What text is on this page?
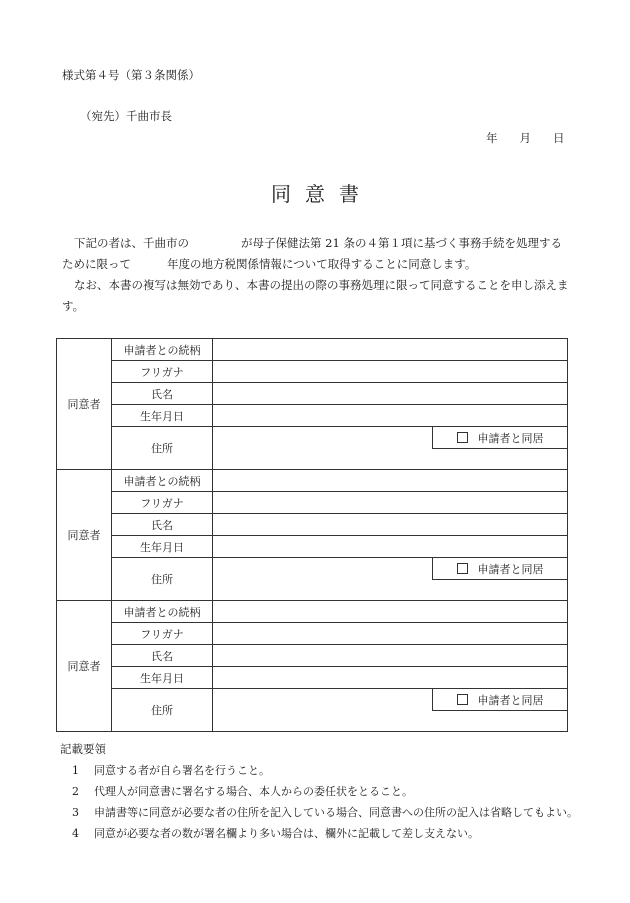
様式第４号（第３条関係）
（宛先）千曲市長
年 月 日
同意書
下記の者は、千曲市の	が母子保健法第 21 条の４第１項に基づく事務手続を処理するために限って	年度の地方税関係情報について取得することに同意します。
なお、本書の複写は無効であり、本書の提出の際の事務処理に限って同意することを申し添えます。
同意者	申請者との続柄	
	フリガナ	
	氏名	
	生年月日	
	住所	申請者と同居

同意者	申請者との続柄	
	フリガナ	
	氏名	
	生年月日	
	住所	申請者と同居

同意者	申請者との続柄	
	フリガナ	
	氏名	
	生年月日	
	住所	申請者と同居
記載要領
1 同意する者が自ら署名を行うこと。
2 代理人が同意書に署名する場合、本人からの委任状をとること。
3 申請書等に同意が必要な者の住所を記入している場合、同意書への住所の記入は省略してもよい。
4 同意が必要な者の数が署名欄より多い場合は、欄外に記載して差し支えない。
